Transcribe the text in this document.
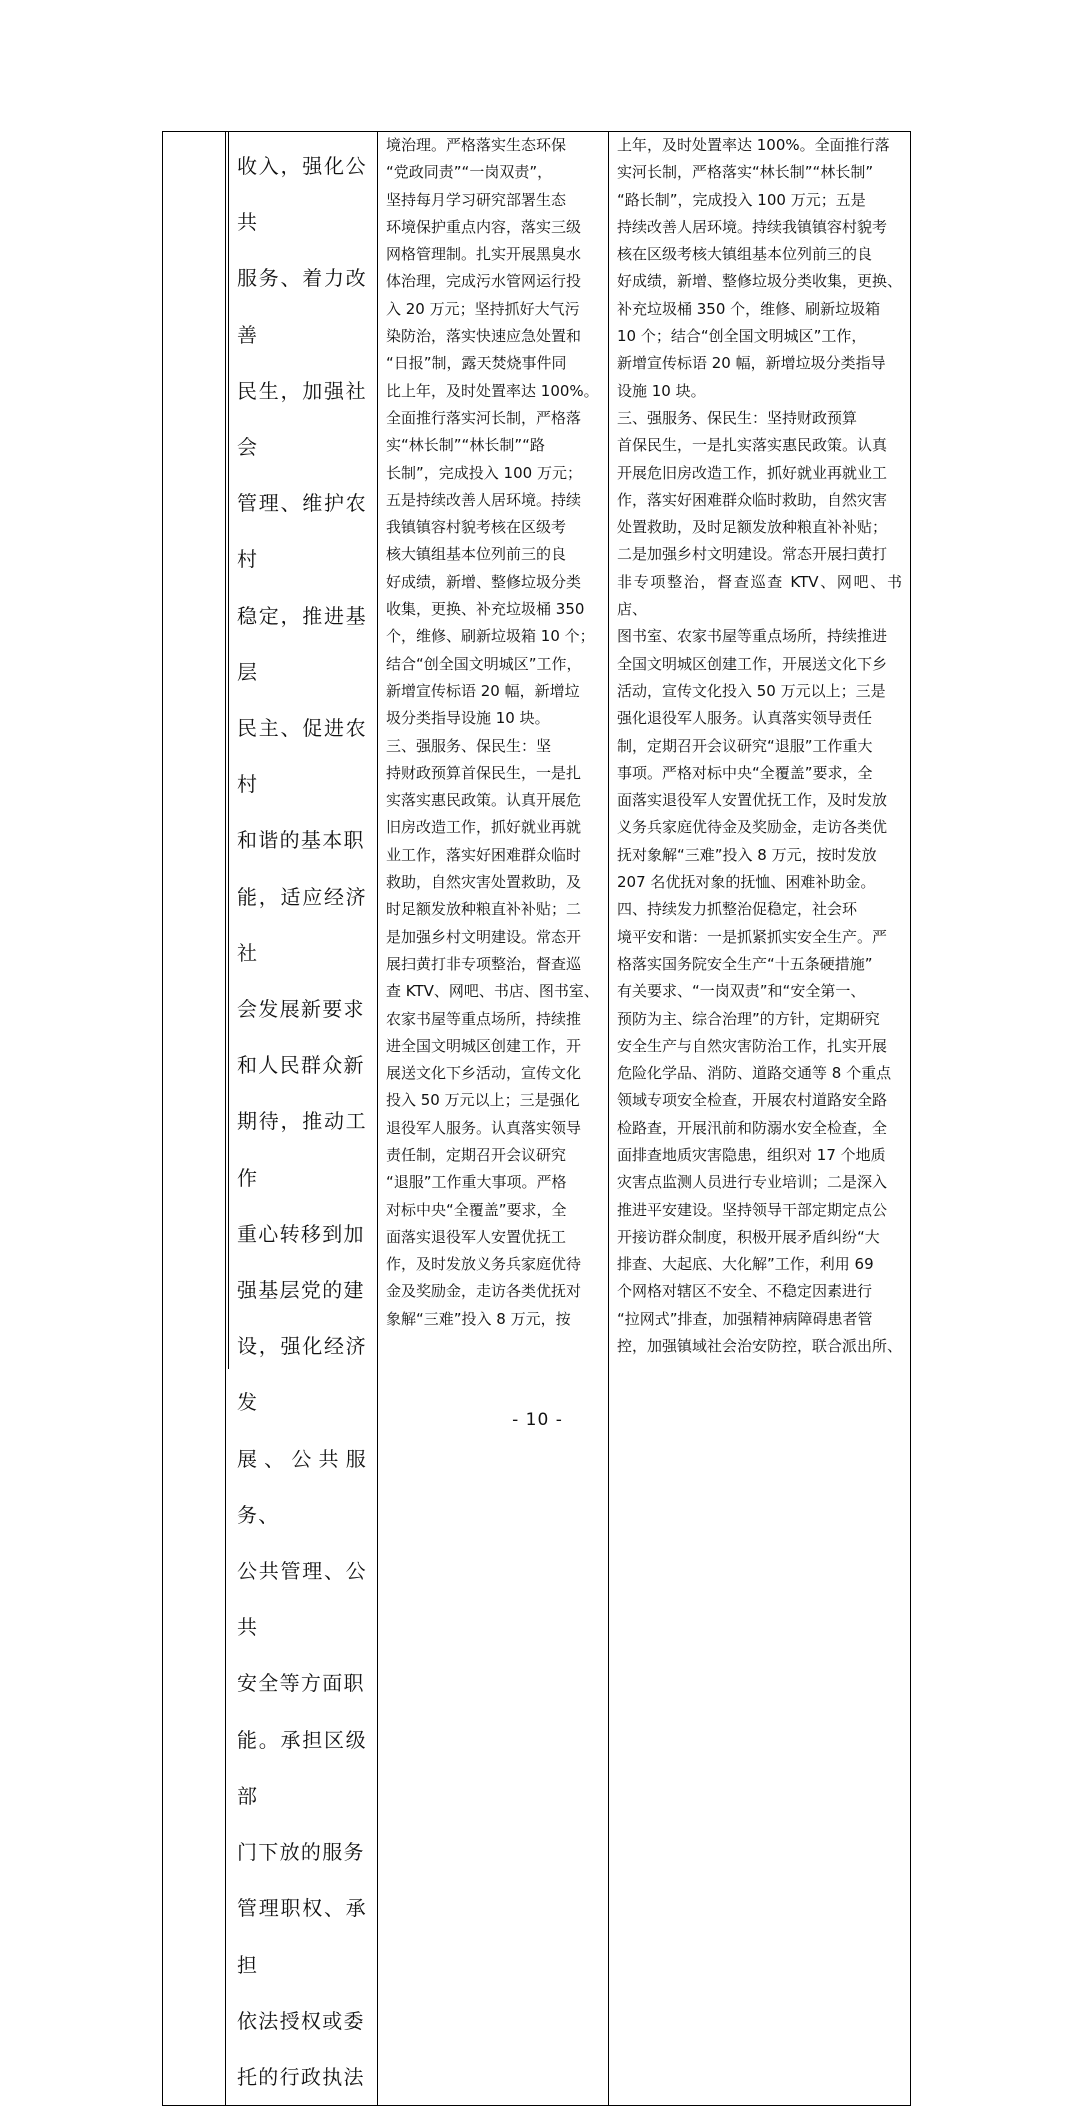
收入，强化公共
服务、着力改善
民生，加强社会
管理、维护农村
稳定，推进基层
民主、促进农村
和谐的基本职
能，适应经济社
会发展新要求
和人民群众新
期待，推动工作
重心转移到加
强基层党的建
设，强化经济发
展、公共服务、
公共管理、公共
安全等方面职
能。承担区级部
门下放的服务
管理职权、承担
依法授权或委
托的行政执法

境治理。严格落实生态环保
“党政同责”“一岗双责”，
坚持每月学习研究部署生态
环境保护重点内容，落实三级
网格管理制。扎实开展黑臭水
体治理，完成污水管网运行投
入 20 万元；坚持抓好大气污
染防治，落实快速应急处置和
“日报”制，露天焚烧事件同
比上年，及时处置率达 100%。
全面推行落实河长制，严格落
实“林长制”“林长制”“路
长制”，完成投入 100 万元；
五是持续改善人居环境。持续
我镇镇容村貌考核在区级考
核大镇组基本位列前三的良
好成绩，新增、整修垃圾分类
收集，更换、补充垃圾桶 350
个，维修、刷新垃圾箱 10 个；
结合“创全国文明城区”工作，
新增宣传标语 20 幅，新增垃
圾分类指导设施 10 块。

三、强服务、保民生：坚
持财政预算首保民生，一是扎
实落实惠民政策。认真开展危
旧房改造工作，抓好就业再就
业工作，落实好困难群众临时
救助，自然灾害处置救助，及
时足额发放种粮直补补贴；二
是加强乡村文明建设。常态开
展扫黄打非专项整治，督查巡
查 KTV、网吧、书店、图书室、
农家书屋等重点场所，持续推
进全国文明城区创建工作，开
展送文化下乡活动，宣传文化
投入 50 万元以上；三是强化
退役军人服务。认真落实领导
责任制，定期召开会议研究
“退服”工作重大事项。严格
对标中央“全覆盖”要求，全
面落实退役军人安置优抚工
作，及时发放义务兵家庭优待
金及奖励金，走访各类优抚对
象解“三难”投入 8 万元，按

上年，及时处置率达 100%。全面推行落
实河长制，严格落实“林长制”“林长制”
“路长制”，完成投入 100 万元；五是
持续改善人居环境。持续我镇镇容村貌考
核在区级考核大镇组基本位列前三的良
好成绩，新增、整修垃圾分类收集，更换、
补充垃圾桶 350 个，维修、刷新垃圾箱
10 个；结合“创全国文明城区”工作，
新增宣传标语 20 幅，新增垃圾分类指导
设施 10 块。

三、强服务、保民生：坚持财政预算
首保民生，一是扎实落实惠民政策。认真
开展危旧房改造工作，抓好就业再就业工
作，落实好困难群众临时救助，自然灾害
处置救助，及时足额发放种粮直补补贴；
二是加强乡村文明建设。常态开展扫黄打
非专项整治，督查巡查 KTV、网吧、书店、
图书室、农家书屋等重点场所，持续推进
全国文明城区创建工作，开展送文化下乡
活动，宣传文化投入 50 万元以上；三是
强化退役军人服务。认真落实领导责任
制，定期召开会议研究“退服”工作重大
事项。严格对标中央“全覆盖”要求，全
面落实退役军人安置优抚工作，及时发放
义务兵家庭优待金及奖励金，走访各类优
抚对象解“三难”投入 8 万元，按时发放
207 名优抚对象的抚恤、困难补助金。

四、持续发力抓整治促稳定，社会环
境平安和谐：一是抓紧抓实安全生产。严
格落实国务院安全生产“十五条硬措施”
有关要求、“一岗双责”和“安全第一、
预防为主、综合治理”的方针，定期研究
安全生产与自然灾害防治工作，扎实开展
危险化学品、消防、道路交通等 8 个重点
领域专项安全检查，开展农村道路安全路
检路查，开展汛前和防溺水安全检查，全
面排查地质灾害隐患，组织对 17 个地质
灾害点监测人员进行专业培训；二是深入
推进平安建设。坚持领导干部定期定点公
开接访群众制度，积极开展矛盾纠纷“大
排查、大起底、大化解”工作，利用 69
个网格对辖区不安全、不稳定因素进行
“拉网式”排查，加强精神病障碍患者管
控，加强镇域社会治安防控，联合派出所、

- 10 -
